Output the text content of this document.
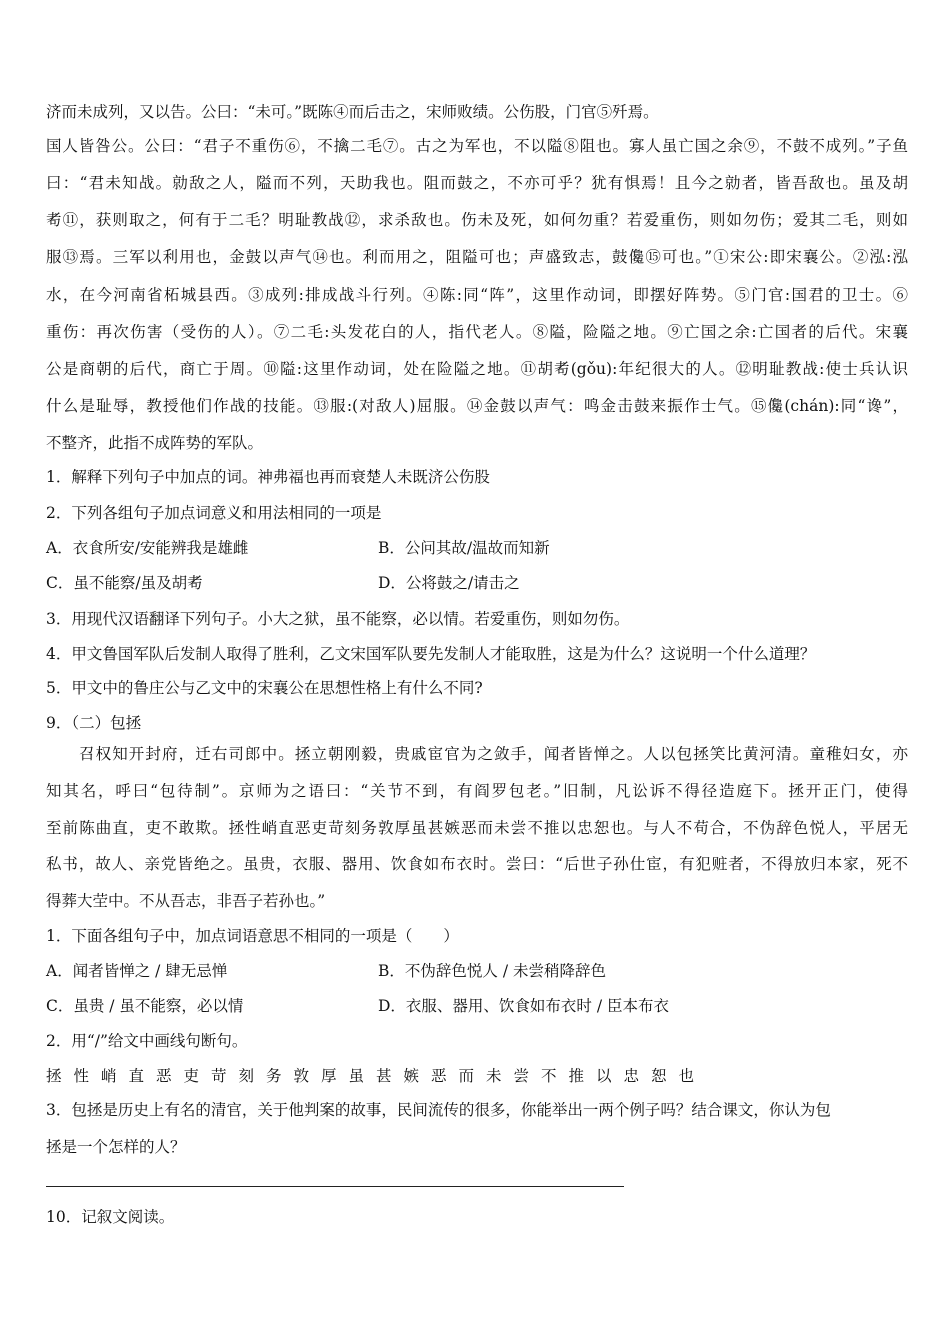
济而未成列，又以告。公曰：“未可。”既陈④而后击之，宋师败绩。公伤股，门官⑤歼焉。
国人皆咎公。公曰：“君子不重伤⑥，不擒二毛⑦。古之为军也，不以隘⑧阻也。寡人虽亡国之余⑨，不鼓不成列。”子鱼
曰：“君未知战。勍敌之人，隘而不列，天助我也。阻而鼓之，不亦可乎？犹有惧焉！且今之勍者，皆吾敌也。虽及胡
耇⑪，获则取之，何有于二毛？明耻教战⑫，求杀敌也。伤未及死，如何勿重？若爱重伤，则如勿伤；爱其二毛，则如
服⑬焉。三军以利用也，金鼓以声气⑭也。利而用之，阻隘可也；声盛致志，鼓儳⑮可也。”①宋公:即宋襄公。②泓:泓
水，在今河南省柘城县西。③成列:排成战斗行列。④陈:同“阵”，这里作动词，即摆好阵势。⑤门官:国君的卫士。⑥
重伤：再次伤害（受伤的人）。⑦二毛:头发花白的人，指代老人。⑧隘，险隘之地。⑨亡国之余:亡国者的后代。宋襄
公是商朝的后代，商亡于周。⑩隘:这里作动词，处在险隘之地。⑪胡耇(gǒu):年纪很大的人。⑫明耻教战:使士兵认识
什么是耻辱，教授他们作战的技能。⑬服:(对敌人)屈服。⑭金鼓以声气：鸣金击鼓来振作士气。⑮儳(chán):同“谗”，
不整齐，此指不成阵势的军队。
1．解释下列句子中加点的词。神弗福也再而衰楚人未既济公伤股
2．下列各组句子加点词意义和用法相同的一项是
A．衣食所安/安能辨我是雄雌	B．公问其故/温故而知新
C．虽不能察/虽及胡耇	D．公将鼓之/请击之
3．用现代汉语翻译下列句子。小大之狱，虽不能察，必以情。若爱重伤，则如勿伤。
4．甲文鲁国军队后发制人取得了胜利，乙文宋国军队要先发制人才能取胜，这是为什么？这说明一个什么道理？
5．甲文中的鲁庄公与乙文中的宋襄公在思想性格上有什么不同?
9．（二）包拯
召权知开封府，迁右司郎中。拯立朝刚毅，贵戚宦官为之敛手，闻者皆惮之。人以包拯笑比黄河清。童稚妇女，亦
知其名，呼曰“包待制”。京师为之语曰：“关节不到，有阎罗包老。”旧制，凡讼诉不得径造庭下。拯开正门，使得
至前陈曲直，吏不敢欺。拯性峭直恶吏苛刻务敦厚虽甚嫉恶而未尝不推以忠恕也。与人不苟合，不伪辞色悦人，平居无
私书，故人、亲党皆绝之。虽贵，衣服、器用、饮食如布衣时。尝曰：“后世子孙仕宦，有犯赃者，不得放归本家，死不
得葬大茔中。不从吾志，非吾子若孙也。”
1．下面各组句子中，加点词语意思不相同的一项是（　　）
A．闻者皆惮之 / 肆无忌惮	B．不伪辞色悦人 / 未尝稍降辞色
C．虽贵 / 虽不能察，必以情	D．衣服、器用、饮食如布衣时 / 臣本布衣
2．用“/”给文中画线句断句。
拯性峭直恶吏苛刻务敦厚虽甚嫉恶而未尝不推以忠恕也
3．包拯是历史上有名的清官，关于他判案的故事，民间流传的很多，你能举出一两个例子吗？结合课文，你认为包
拯是一个怎样的人？
10．记叙文阅读。
